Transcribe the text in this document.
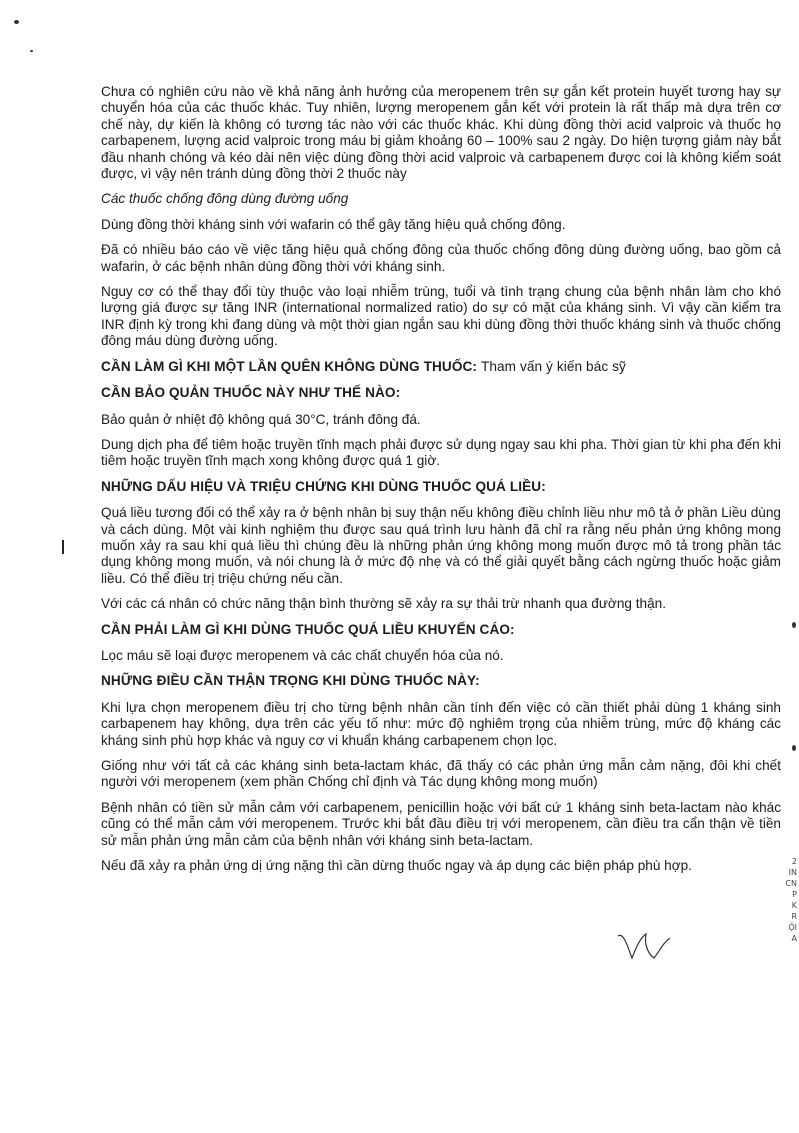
Chưa có nghiên cứu nào về khả năng ảnh hưởng của meropenem trên sự gắn kết protein huyết tương hay sự chuyển hóa của các thuốc khác. Tuy nhiên, lượng meropenem gắn kết với protein là rất thấp mà dựa trên cơ chế này, dự kiến là không có tương tác nào với các thuốc khác. Khi dùng đồng thời acid valproic và thuốc họ carbapenem, lượng acid valproic trong máu bị giảm khoảng 60 – 100% sau 2 ngày. Do hiện tượng giảm này bắt đầu nhanh chóng và kéo dài nên việc dùng đồng thời acid valproic và carbapenem được coi là không kiểm soát được, vì vậy nên tránh dùng đồng thời 2 thuốc này

Các thuốc chống đông dùng đường uống

Dùng đồng thời kháng sinh với wafarin có thể gây tăng hiệu quả chống đông.

Đã có nhiều báo cáo về việc tăng hiệu quả chống đông của thuốc chống đông dùng đường uống, bao gồm cả wafarin, ở các bệnh nhân dùng đồng thời với kháng sinh.

Nguy cơ có thể thay đổi tùy thuộc vào loại nhiễm trùng, tuổi và tình trạng chung của bệnh nhân làm cho khó lượng giá được sự tăng INR (international normalized ratio) do sự có mặt của kháng sinh. Vì vậy cần kiểm tra INR định kỳ trong khi đang dùng và một thời gian ngắn sau khi dùng đồng thời thuốc kháng sinh và thuốc chống đông máu dùng đường uống.

CẦN LÀM GÌ KHI MỘT LẦN QUÊN KHÔNG DÙNG THUỐC: Tham vấn ý kiến bác sỹ
CẦN BẢO QUẢN THUỐC NÀY NHƯ THẾ NÀO:

Bảo quản ở nhiệt độ không quá 30°C, tránh đông đá.

Dung dịch pha để tiêm hoặc truyền tĩnh mạch phải được sử dụng ngay sau khi pha. Thời gian từ khi pha đến khi tiêm hoặc truyền tĩnh mạch xong không được quá 1 giờ.

NHỮNG DẤU HIỆU VÀ TRIỆU CHỨNG KHI DÙNG THUỐC QUÁ LIỀU:

Quá liều tương đối có thể xảy ra ở bệnh nhân bị suy thận nếu không điều chỉnh liều như mô tả ở phần Liều dùng và cách dùng. Một vài kinh nghiệm thu được sau quá trình lưu hành đã chỉ ra rằng nếu phản ứng không mong muốn xảy ra sau khi quá liều thì chúng đều là những phản ứng không mong muốn được mô tả trong phần tác dụng không mong muốn, và nói chung là ở mức độ nhẹ và có thể giải quyết bằng cách ngừng thuốc hoặc giảm liều. Có thể điều trị triệu chứng nếu cần.

Với các cá nhân có chức năng thận bình thường sẽ xảy ra sự thải trừ nhanh qua đường thận.

CẦN PHẢI LÀM GÌ KHI DÙNG THUỐC QUÁ LIỀU KHUYẾN CÁO:

Lọc máu sẽ loại được meropenem và các chất chuyển hóa của nó.

NHỮNG ĐIỀU CẦN THẬN TRỌNG KHI DÙNG THUỐC NÀY:

Khi lựa chọn meropenem điều trị cho từng bệnh nhân cần tính đến việc có cần thiết phải dùng 1 kháng sinh carbapenem hay không, dựa trên các yếu tố như: mức độ nghiêm trọng của nhiễm trùng, mức độ kháng các kháng sinh phù hợp khác và nguy cơ vi khuẩn kháng carbapenem chọn lọc.

Giống như với tất cả các kháng sinh beta-lactam khác, đã thấy có các phản ứng mẫn cảm nặng, đôi khi chết người với meropenem (xem phần Chống chỉ định và Tác dụng không mong muốn)

Bệnh nhân có tiền sử mẫn cảm với carbapenem, penicillin hoặc với bất cứ 1 kháng sinh beta-lactam nào khác cũng có thể mẫn cảm với meropenem. Trước khi bắt đầu điều trị với meropenem, cần điều tra cẩn thận về tiền sử mẫn phản ứng mẫn cảm của bệnh nhân với kháng sinh beta-lactam.

Nếu đã xảy ra phản ứng dị ứng nặng thì cần dừng thuốc ngay và áp dụng các biện pháp phù hợp.	2
IN
CN
P
K
R
ỘI
A
